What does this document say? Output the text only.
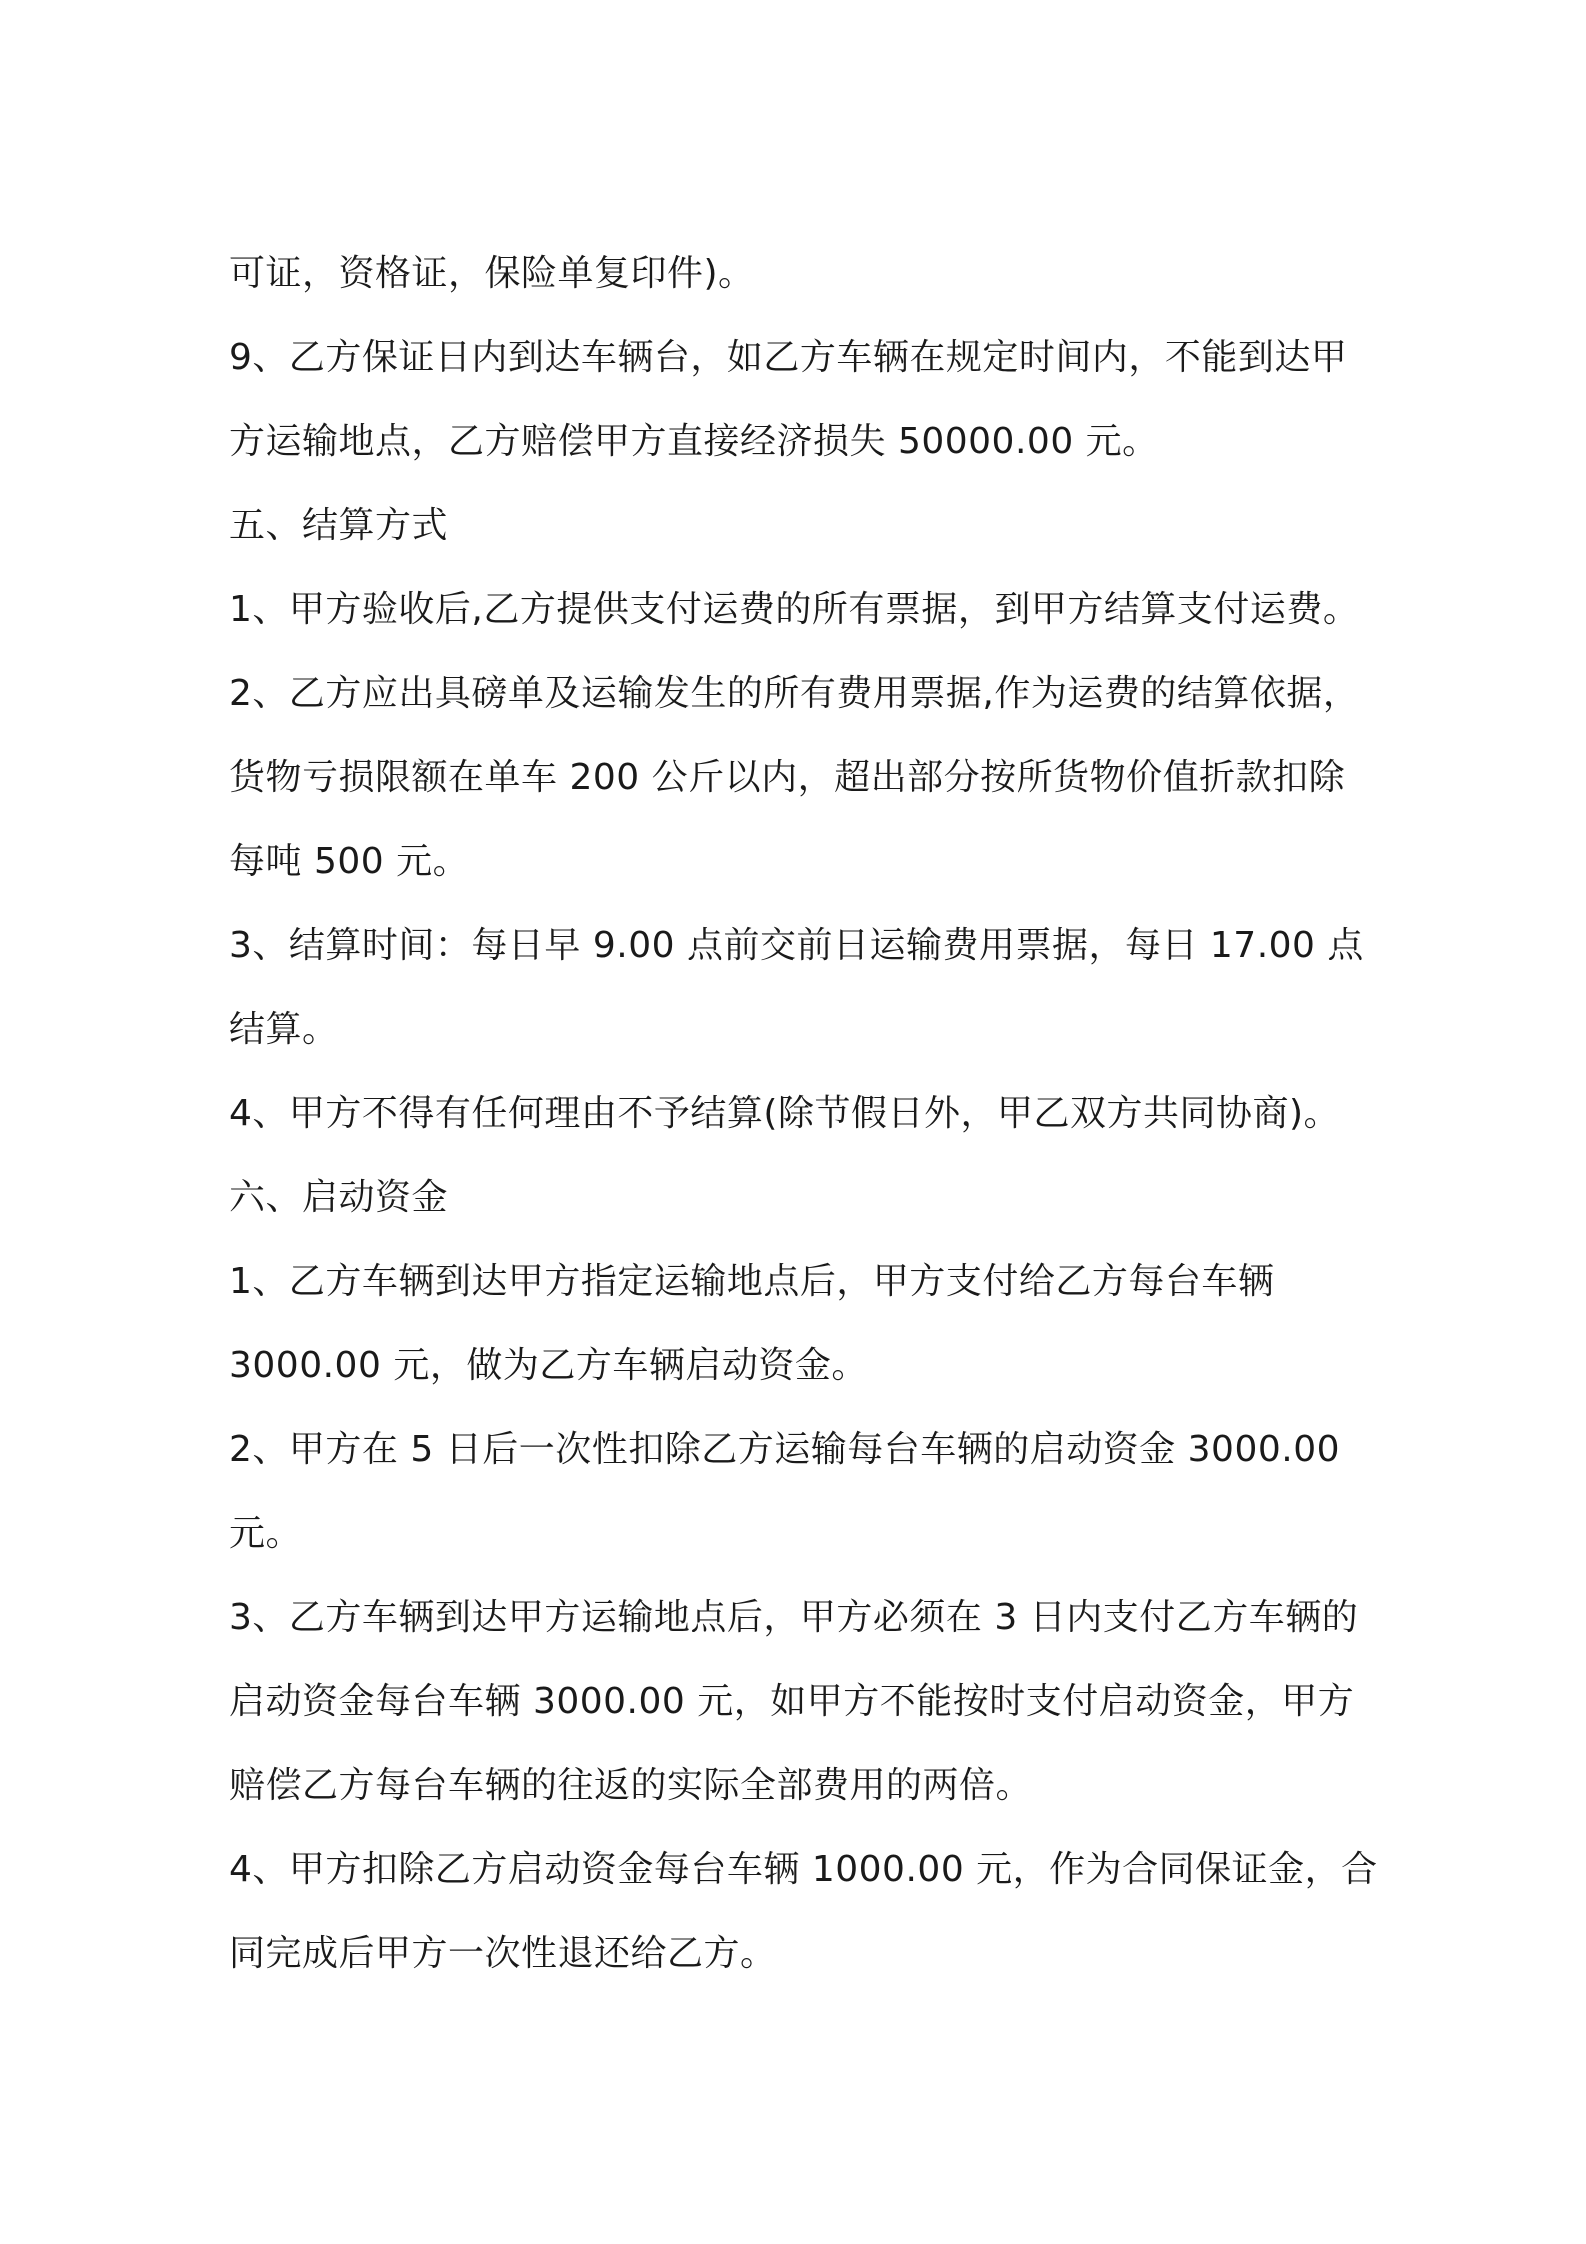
可证，资格证，保险单复印件)。
9、乙方保证日内到达车辆台，如乙方车辆在规定时间内，不能到达甲
方运输地点，乙方赔偿甲方直接经济损失 50000.00 元。
五、结算方式
1、甲方验收后,乙方提供支付运费的所有票据，到甲方结算支付运费。
2、乙方应出具磅单及运输发生的所有费用票据,作为运费的结算依据，
货物亏损限额在单车 200 公斤以内，超出部分按所货物价值折款扣除
每吨 500 元。
3、结算时间：每日早 9.00 点前交前日运输费用票据，每日 17.00 点
结算。
4、甲方不得有任何理由不予结算(除节假日外，甲乙双方共同协商)。
六、启动资金
1、乙方车辆到达甲方指定运输地点后，甲方支付给乙方每台车辆
3000.00 元，做为乙方车辆启动资金。
2、甲方在 5 日后一次性扣除乙方运输每台车辆的启动资金 3000.00
元。
3、乙方车辆到达甲方运输地点后，甲方必须在 3 日内支付乙方车辆的
启动资金每台车辆 3000.00 元，如甲方不能按时支付启动资金，甲方
赔偿乙方每台车辆的往返的实际全部费用的两倍。
4、甲方扣除乙方启动资金每台车辆 1000.00 元，作为合同保证金，合
同完成后甲方一次性退还给乙方。
